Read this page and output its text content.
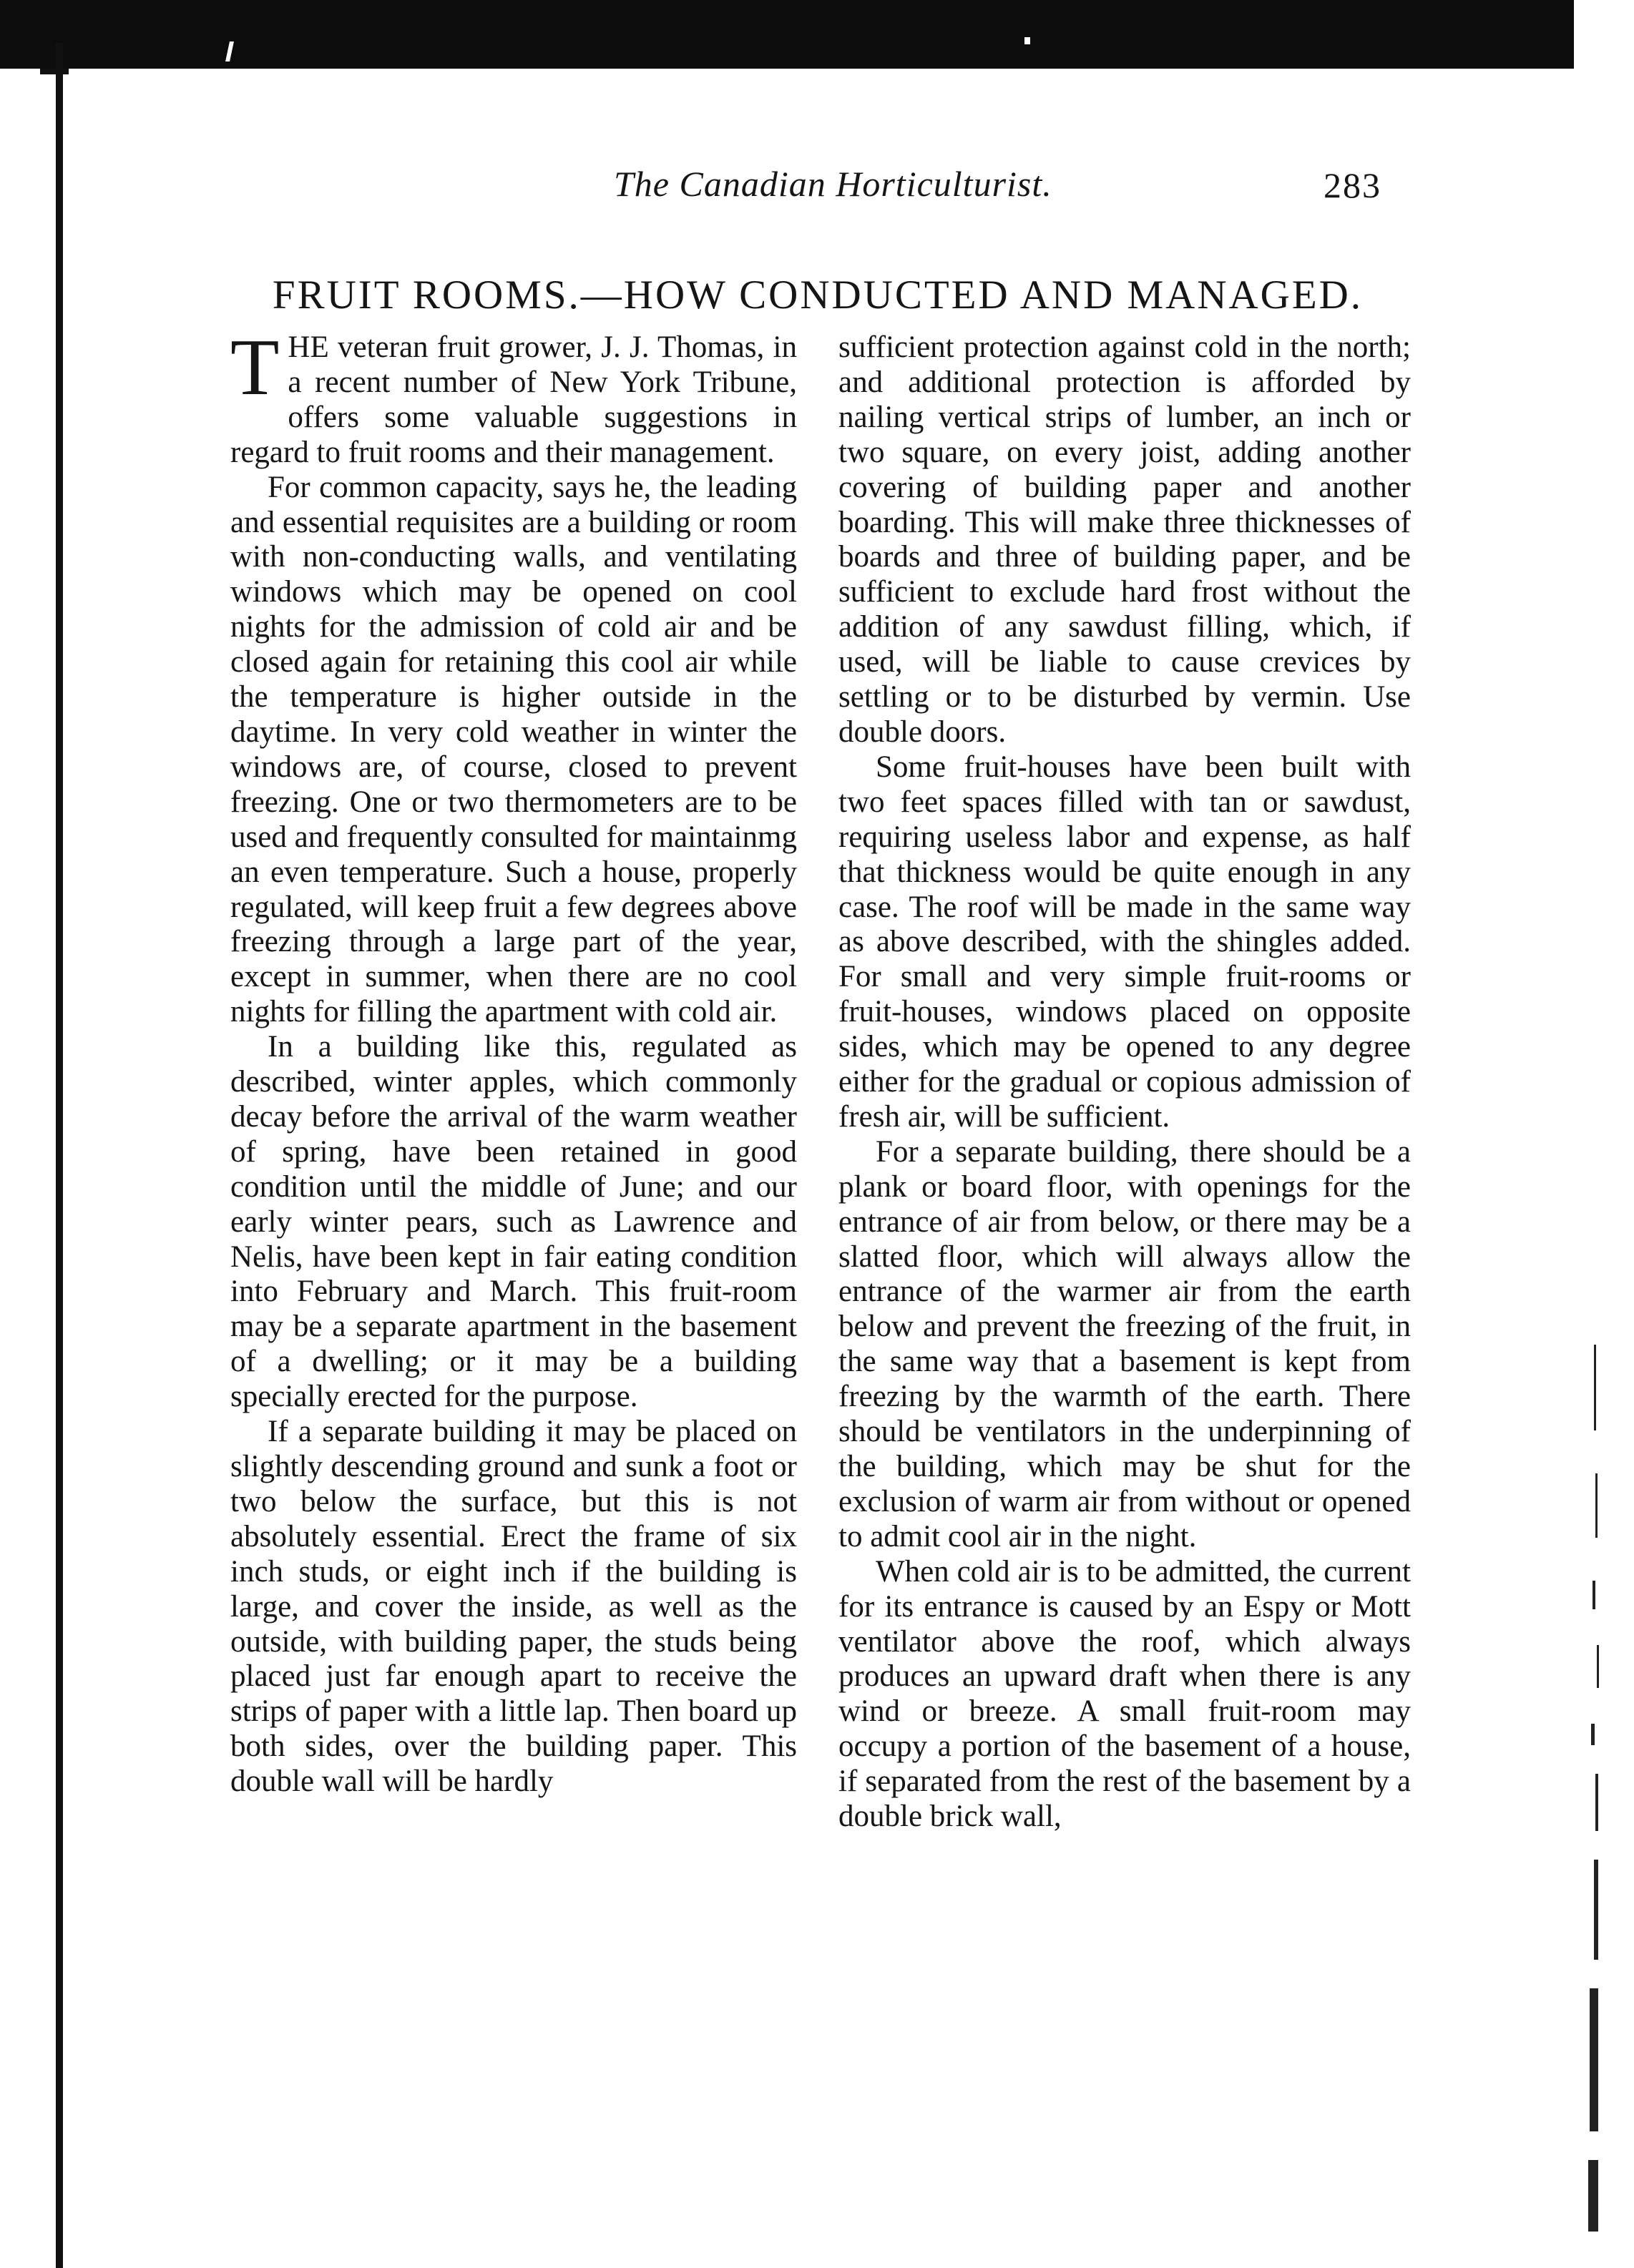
The Canadian Horticulturist.	283
FRUIT ROOMS.—HOW CONDUCTED AND MANAGED.

THE veteran fruit grower, J. J. Thomas, in a recent number of New York Tribune, offers some valuable suggestions in regard to fruit rooms and their management.

For common capacity, says he, the leading and essential requisites are a building or room with non-conducting walls, and ventilating windows which may be opened on cool nights for the admission of cold air and be closed again for retaining this cool air while the temperature is higher outside in the daytime. In very cold weather in winter the windows are, of course, closed to prevent freezing. One or two thermometers are to be used and frequently consulted for maintainmg an even temperature. Such a house, properly regulated, will keep fruit a few degrees above freezing through a large part of the year, except in summer, when there are no cool nights for filling the apartment with cold air.

In a building like this, regulated as described, winter apples, which commonly decay before the arrival of the warm weather of spring, have been retained in good condition until the middle of June; and our early winter pears, such as Lawrence and Nelis, have been kept in fair eating condition into February and March. This fruit-room may be a separate apartment in the basement of a dwelling; or it may be a building specially erected for the purpose.

If a separate building it may be placed on slightly descending ground and sunk a foot or two below the surface, but this is not absolutely essential. Erect the frame of six inch studs, or eight inch if the building is large, and cover the inside, as well as the outside, with building paper, the studs being placed just far enough apart to receive the strips of paper with a little lap. Then board up both sides, over the building paper. This double wall will be hardly

sufficient protection against cold in the north; and additional protection is afforded by nailing vertical strips of lumber, an inch or two square, on every joist, adding another covering of building paper and another boarding. This will make three thicknesses of boards and three of building paper, and be sufficient to exclude hard frost without the addition of any sawdust filling, which, if used, will be liable to cause crevices by settling or to be disturbed by vermin. Use double doors.

Some fruit-houses have been built with two feet spaces filled with tan or sawdust, requiring useless labor and expense, as half that thickness would be quite enough in any case. The roof will be made in the same way as above described, with the shingles added. For small and very simple fruit-rooms or fruit-houses, windows placed on opposite sides, which may be opened to any degree either for the gradual or copious admission of fresh air, will be sufficient.

For a separate building, there should be a plank or board floor, with openings for the entrance of air from below, or there may be a slatted floor, which will always allow the entrance of the warmer air from the earth below and prevent the freezing of the fruit, in the same way that a basement is kept from freezing by the warmth of the earth. There should be ventilators in the underpinning of the building, which may be shut for the exclusion of warm air from without or opened to admit cool air in the night.

When cold air is to be admitted, the current for its entrance is caused by an Espy or Mott ventilator above the roof, which always produces an upward draft when there is any wind or breeze. A small fruit-room may occupy a portion of the basement of a house, if separated from the rest of the basement by a double brick wall,
